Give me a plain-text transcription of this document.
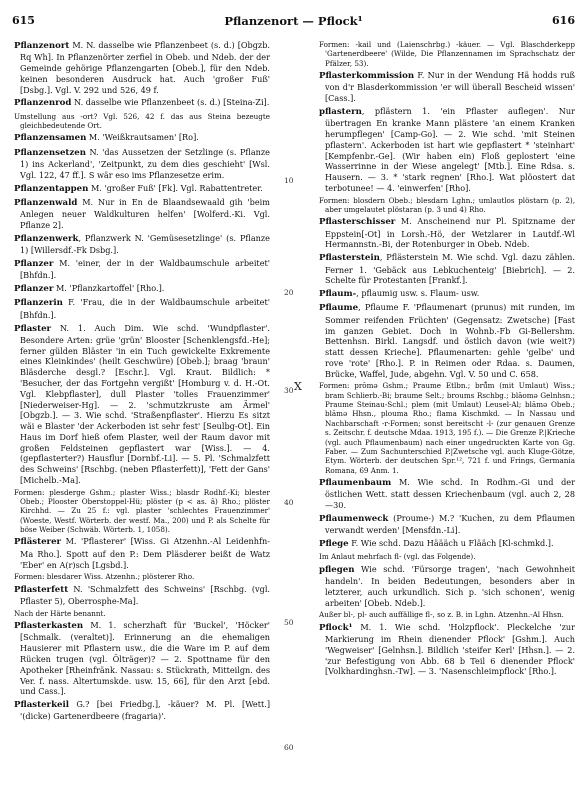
615	Pflanzenort — Pflock¹	616

Pflanzenort M. N. dasselbe wie Pflanzenbeet (s. d.) [Obgzb. Rq Wh]. In Pflanzenörter zerfiel in Obeb. und Ndeb. der der Gemeinde gehörige Pflanzengarten [Obeb.], für den Ndeb. keinen besonderen Ausdruck hat. Auch 'großer Fuß' [Dsbg.]. Vgl. V. 292 und 526, 49 f.

Pflanzenrod N. dasselbe wie Pflanzenbeet (s. d.) [Steina-Zi].

Umstellung aus -ort? Vgl. 526, 42 f. das aus Steina bezeugte gleichbedeutende Ort.

Pflanzensamen M. 'Weißkrautsamen' [Ro].

Pflanzensetzen N. 'das Aussetzen der Setzlinge (s. Pflanze 1) ins Ackerland', 'Zeitpunkt, zu dem dies geschieht' [Wsl. Vgl. 122, 47 ff.]. S wär eso ims Pflanzesetze erim.

Pflanzentappen M. 'großer Fuß' [Fk]. Vgl. Rabattentreter.

Pflanzenwald M. Nur in En de Blaandsewaald gih 'beim Anlegen neuer Waldkulturen helfen' [Wolferd.-Ki. Vgl. Pflanze 2].

Pflanzenwerk, Pflanzwerk N. 'Gemüsesetzlinge' (s. Pflanze 1) [Willersdf.-Fk Dsbg.].

Pflanzer M. 'einer, der in der Waldbaumschule arbeitet' [Bhfdn.].

Pflanzer M. 'Pflanzkartoffel' [Rho.].

Pflanzerin F. 'Frau, die in der Waldbaumschule arbeitet' [Bhfdn.].

Pflaster N. 1. Auch Dim. Wie schd. 'Wundpflaster'. Besondere Arten: grüe 'grün' Blooster [Schenklengsfd.-He]; ferner gülden Bläster 'in ein Tuch gewickelte Exkremente eines Kleinkindes' (heilt Geschwüre) [Obeb.]; braag 'braun' Bläsderche desgl.? [Eschr.]. Vgl. Kraut. Bildlich: * 'Besucher, der das Fortgehn vergißt' [Homburg v. d. H.-Ot. Vgl. Klebpflaster], dull Plaster 'tolles Frauenzimmer' [Niederweiser-Hg]. — 2. 'schmutzkruste am Ärmel' [Obgzb.]. — 3. Wie schd. 'Straßenpflaster'. Hierzu Es sitzt wäi e Blaster 'der Ackerboden ist sehr fest' [Seulbg-Ot]. Ein Haus im Dorf hieß ofem Plaster, weil der Raum davor mit großen Feldsteinen gepflastert war [Wiss.]. — 4. (gepflasterter?) Hausflur [Dornbf.-Li]. — 5. Pl. 'Schmalzfett des Schweins' [Rschbg. (neben Pflasterfett)], 'Fett der Gans' [Michelb.-Ma].

Formen: plesderge Gshm.; plaster Wiss.; blasdr Rodhf.-Ki; blester Obeb.; Plooster Oberstoppel-Hü; plöster (p < as. â) Rho.; plöster Kirchhd. — Zu 25 f.: vgl. plaster 'schlechtes Frauenzimmer' (Woeste, Westf. Wörterb. der westf. Ma., 200) und P. als Schelte für böse Weiber (Schwäb. Wörterb. 1, 1058).

Pflästerer M. 'Pflasterer' [Wiss. Gi Atzenhn.-Al Leidenhfn-Ma Rho.]. Spott auf den P.: Dem Pläsderer beißt de Watz 'Eber' en A(r)sch [Lgsbd.].

Formen: blesdarer Wiss. Atzenhn.; plösterer Rho.

Pflasterfett N. 'Schmalzfett des Schweins' [Rschbg. (vgl. Pflaster 5), Oberrosphe-Ma].

Nach der Härte benannt.

Pflasterkasten M. 1. scherzhaft für 'Buckel', 'Höcker' [Schmalk. (veraltet)]. Erinnerung an die ehemaligen Hausierer mit Pflastern usw., die die Ware im P. auf dem Rücken trugen (vgl. Ölträger)? — 2. Spottname für den Apotheker [Rheinfränk. Nassau: s. Stückrath, Mitteilgn. des Ver. f. nass. Altertumskde. usw. 15, 66], für den Arzt [ebd. und Cass.].

Pflasterkeil G.? [bei Friedbg.], -käuer? M. Pl. [Wett.] '(dicke) Gartenerdbeere (fragaria)'.

10
20
30 X
40
50
60

Formen: -kail und (Laienschrbg.) -käuer. — Vgl. Blaschderkepp 'Gartenerdbeere' (Wilde, Die Pflanzennamen im Sprachschatz der Pfälzer, 53).

Pflasterkommission F. Nur in der Wendung Hä hodds ruß von d'r Blasderkommission 'er will überall Bescheid wissen' [Cass.].

pflastern, pflästern 1. 'ein Pflaster auflegen'. Nur übertragen En kranke Mann plästere 'an einem Kranken herumpflegen' [Camp-Go]. — 2. Wie schd. 'mit Steinen pflastern'. Ackerboden ist hart wie gepflastert * 'steinhart' [Kempfenbr.-Ge]. (Wir haben ein) Floß geplostert 'eine Wasserrinne in der Wiese angelegt' [Mtb.]. Eine Rdsa. s. Hausern. — 3. * 'stark regnen' [Rho.]. Wat plöostert dat terbotunee! — 4. 'einwerfen' [Rho].

Formen: blosdern Obeb.; blesdarn Lghn.; umlautlos plöstarn (p. 2), aber umgelautet plöstaran (p. 3 und 4) Rho.

Pflasterschisser M. Anscheinend nur Pl. Spitzname der Eppstein[-Ot] in Lorsh.-Hö, der Wetzlarer in Lautdf.-Wl Hermannstn.-Bi, der Rotenburger in Obeb. Ndeb.

Pflasterstein, Pflästerstein M. Wie schd. Vgl. dazu zählen. Ferner 1. 'Gebäck aus Lebkuchenteig' [Biebrich]. — 2. Schelte für Protestanten [Frankf.].

Pflaum-, pflaumig usw. s. Flaum- usw.

Pflaume, Pflaume F. 'Pflaumenart (prunus) mit runden, im Sommer reifenden Früchten' (Gegensatz: Zwetsche) [Fast im ganzen Gebiet. Doch in Wohnb.-Fb Gi-Bellershm. Bettenhsn. Birkl. Langsdf. und östlich davon (wie weit?) statt dessen Krieche]. Pflaumenarten: gehle 'gelbe' und rove 'rote' [Rho.]. P. in Reimen oder Rdaa. s. Daumen, Brücke, Waffel, Jude, abgehn. Vgl. V. 50 und C. 658.

Formen: prōmə Gshm.; Praume Etlbn.; brū̊m (mit Umlaut) Wiss.; bram Schlierb.-Bi; braume Selt.; broums Rschbg.; blāomə Gelnhsn.; Praume Steinau-Schl.; plem (mit Umlaut) Leusel-Al; blāmə Obeb.; blāmə Hhsn., plouma Rho.; flama Kischmkd. — In Nassau und Nachbarschaft -r-Formen; sonst bereitscht -l- (zur genauen Grenze s. Zeitschr. f. deutsche Mdaa. 1913, 195 f.). — Die Grenze P.|Krieche (vgl. auch Pflaumenbaum) nach einer ungedruckten Karte von Gg. Faber. — Zum Sachunterschied P.|Zwetsche vgl. auch Kluge-Götze, Etym. Wörterb. der deutschen Spr.¹², 721 f. und Frings, Germania Romana, 69 Anm. 1.

Pflaumenbaum M. Wie schd. In Rodhm.-Gi und der östlichen Wett. statt dessen Kriechenbaum (vgl. auch 2, 28—30.

Pflaumenweck (Proume-) M.? 'Kuchen, zu dem Pflaumen verwandt werden' [Mensfdn.-Li].

Pflege F. Wie schd. Dazu Häääch u Flääch [Kl-schmkd.].

Im Anlaut mehrfach fl- (vgl. das Folgende).

pflegen Wie schd. 'Fürsorge tragen', 'nach Gewohnheit handeln'. In beiden Bedeutungen, besonders aber in letzterer, auch urkundlich. Sich p. 'sich schonen', wenig arbeiten' [Obeb. Ndeb.].

Außer bl-, pl- auch auffällige fl-, so z. B. in Lghn. Atzenhn.-Al Hhsn.

Pflock¹ M. 1. Wie schd. 'Holzpflock'. Pleckelche 'zur Markierung im Rhein dienender Pflock' [Gshm.]. Auch 'Wegweiser' [Gelnhsn.]. Bildlich 'steifer Kerl' [Hhsn.]. — 2. 'zur Befestigung von Abb. 68 b Teil 6 dienender Pflock' [Volkhardinghsn.-Tw]. — 3. 'Nasenschleimpflock' [Rho.].
